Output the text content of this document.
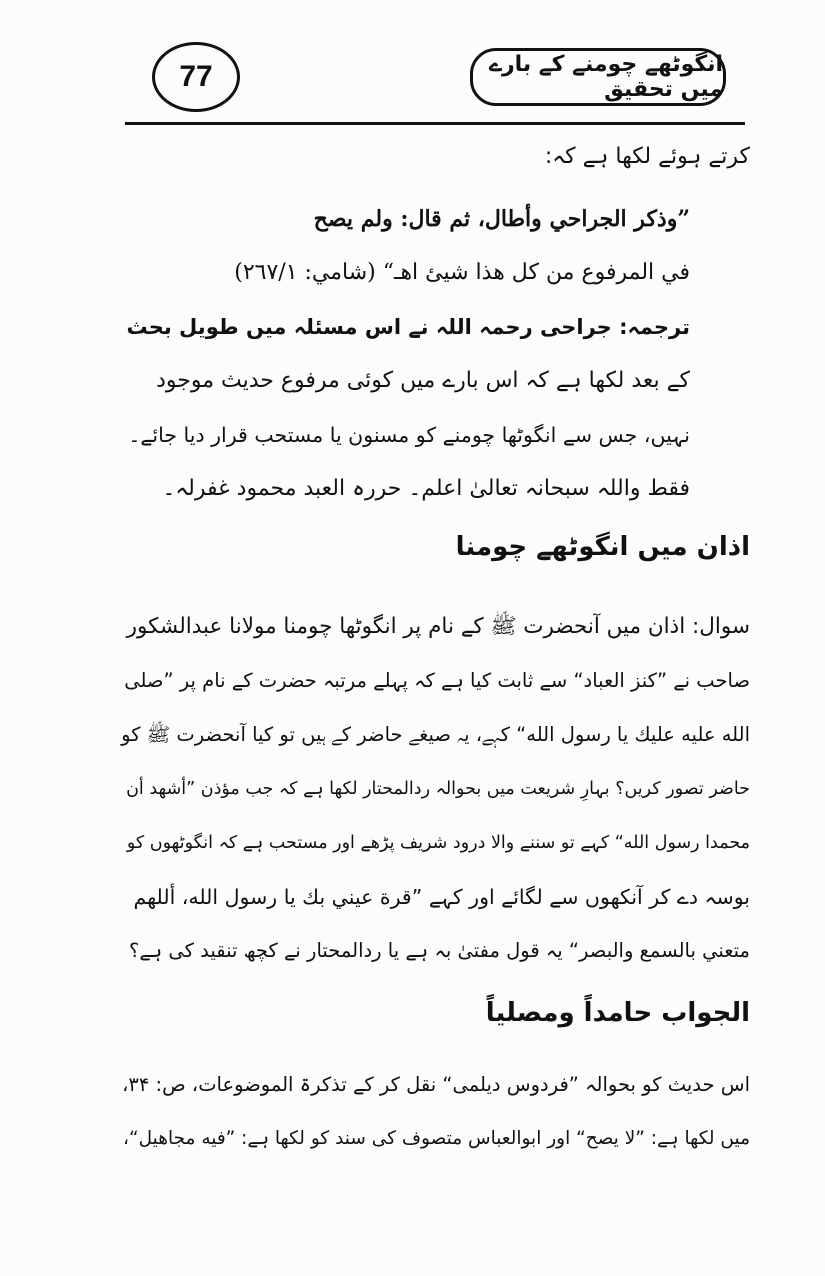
77	انگوٹھے چومنے کے بارے میں تحقیق
کرتے ہوئے لکھا ہے کہ:
”وذكر الجراحي وأطال، ثم قال: ولم يصح
في المرفوع من كل هذا شيئ اهـ“ (شامي: ٢٦٧/١)
ترجمہ: جراحی رحمہ اللہ نے اس مسئلہ میں طویل بحث
کے بعد لکھا ہے کہ اس بارے میں کوئی مرفوع حدیث موجود
نہیں، جس سے انگوٹھا چومنے کو مسنون یا مستحب قرار دیا جائے۔
فقط واللہ سبحانہ تعالیٰ اعلم۔ حررہ العبد محمود غفرلہ۔
اذان میں انگوٹھے چومنا
سوال: اذان میں آنحضرت ﷺ کے نام پر انگوٹھا چومنا مولانا عبدالشکور
صاحب نے ”کنز العباد“ سے ثابت کیا ہے کہ پہلے مرتبہ حضرت کے نام پر ”صلی
الله عليه عليك يا رسول الله“ کہے، یہ صیغے حاضر کے ہیں تو کیا آنحضرت ﷺ کو
حاضر تصور کریں؟ بہارِ شریعت میں بحوالہ ردالمحتار لکھا ہے کہ جب مؤذن ”أشهد أن
محمدا رسول الله“ کہے تو سننے والا درود شریف پڑھے اور مستحب ہے کہ انگوٹھوں کو
بوسہ دے کر آنکھوں سے لگائے اور کہے ”قرة عيني بك يا رسول الله، أللهم
متعني بالسمع والبصر“ یہ قول مفتیٰ بہ ہے یا ردالمحتار نے کچھ تنقید کی ہے؟
الجواب حامداً ومصلیاً
اس حدیث کو بحوالہ ”فردوس دیلمی“ نقل کر کے تذکرۃ الموضوعات، ص: ۳۴،
میں لکھا ہے: ”لا يصح“ اور ابوالعباس متصوف کی سند کو لکھا ہے: ”فيه مجاهيل“،
